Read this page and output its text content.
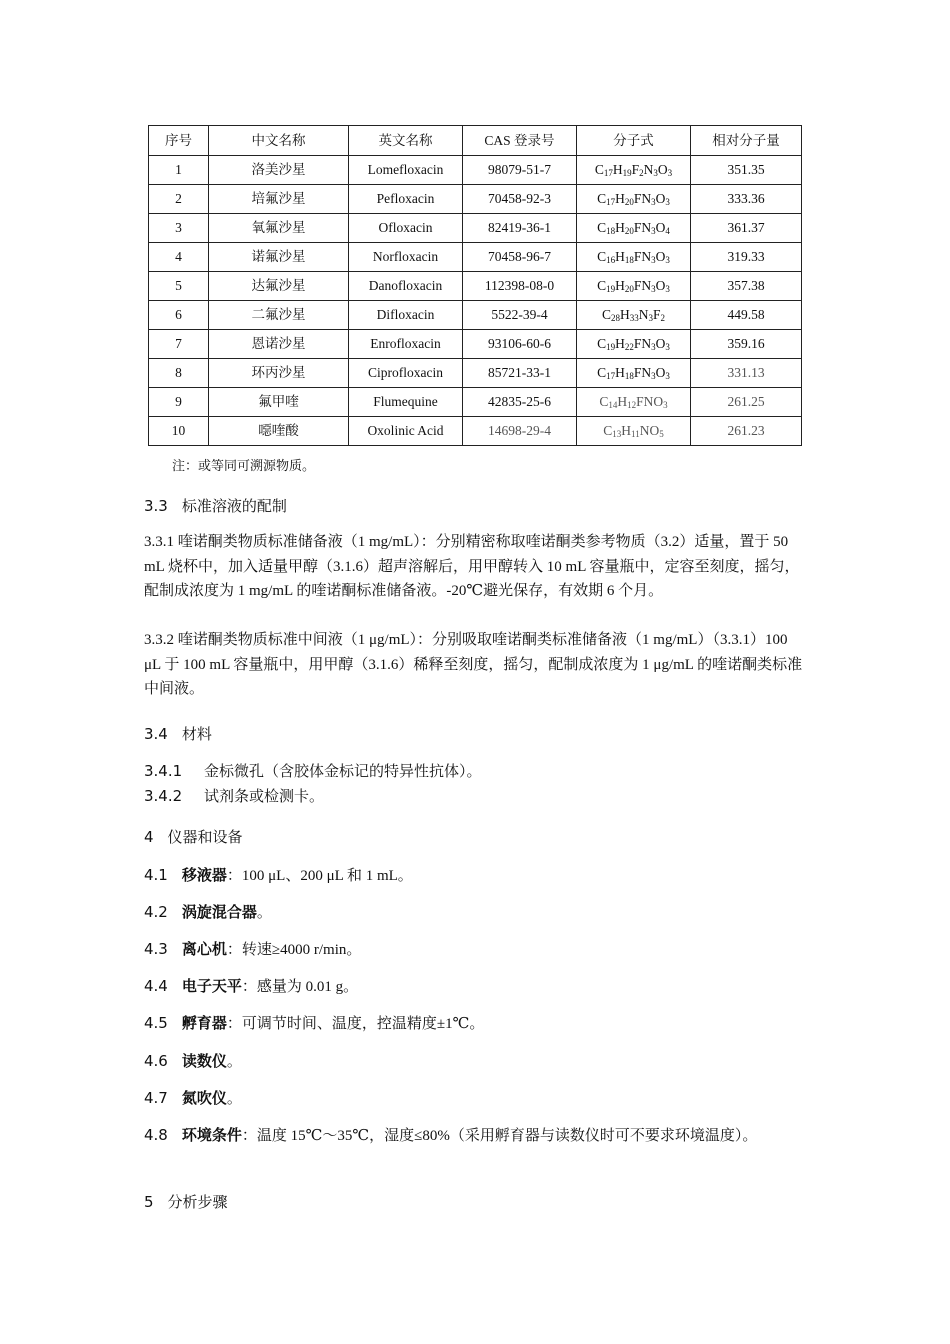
序号	中文名称	英文名称	CAS 登录号	分子式	相对分子量
1	洛美沙星	Lomefloxacin	98079-51-7	$C_{17}H_{19}F_2N_3O_3$	351.35
2	培氟沙星	Pefloxacin	70458-92-3	$C_{17}H_{20}FN_3O_3$	333.36
3	氧氟沙星	Ofloxacin	82419-36-1	$C_{18}H_{20}FN_3O_4$	361.37
4	诺氟沙星	Norfloxacin	70458-96-7	$C_{16}H_{18}FN_3O_3$	319.33
5	达氟沙星	Danofloxacin	112398-08-0	$C_{19}H_{20}FN_3O_3$	357.38
6	二氟沙星	Difloxacin	5522-39-4	$C_{28}H_{33}N_3F_2$	449.58
7	恩诺沙星	Enrofloxacin	93106-60-6	$C_{19}H_{22}FN_3O_3$	359.16
8	环丙沙星	Ciprofloxacin	85721-33-1	$C_{17}H_{18}FN_3O_3$	331.13
9	氟甲喹	Flumequine	42835-25-6	$C_{14}H_{12}FNO_3$	261.25
10	噁喹酸	Oxolinic Acid	14698-29-4	$C_{13}H_{11}NO_5$	261.23
注：或等同可溯源物质。
3.3 标准溶液的配制
3.3.1 喹诺酮类物质标准储备液（1 mg/mL）：分别精密称取喹诺酮类参考物质（3.2）适量，置于 50 mL 烧杯中，加入适量甲醇（3.1.6）超声溶解后，用甲醇转入 10 mL 容量瓶中，定容至刻度，摇匀，配制成浓度为 1 mg/mL 的喹诺酮标准储备液。-20℃避光保存，有效期 6 个月。
3.3.2 喹诺酮类物质标准中间液（1 μg/mL）：分别吸取喹诺酮类标准储备液（1 mg/mL）（3.3.1）100 μL 于 100 mL 容量瓶中，用甲醇（3.1.6）稀释至刻度，摇匀，配制成浓度为 1 μg/mL 的喹诺酮类标准中间液。
3.4 材料
3.4.1 金标微孔（含胶体金标记的特异性抗体）。
3.4.2 试剂条或检测卡。
4 仪器和设备
4.1 移液器：100 μL、200 μL 和 1 mL。
4.2 涡旋混合器。
4.3 离心机：转速≥4000 r/min。
4.4 电子天平：感量为 0.01 g。
4.5 孵育器：可调节时间、温度，控温精度±1℃。
4.6 读数仪。
4.7 氮吹仪。
4.8 环境条件：温度 15℃～35℃，湿度≤80%（采用孵育器与读数仪时可不要求环境温度）。
5 分析步骤
